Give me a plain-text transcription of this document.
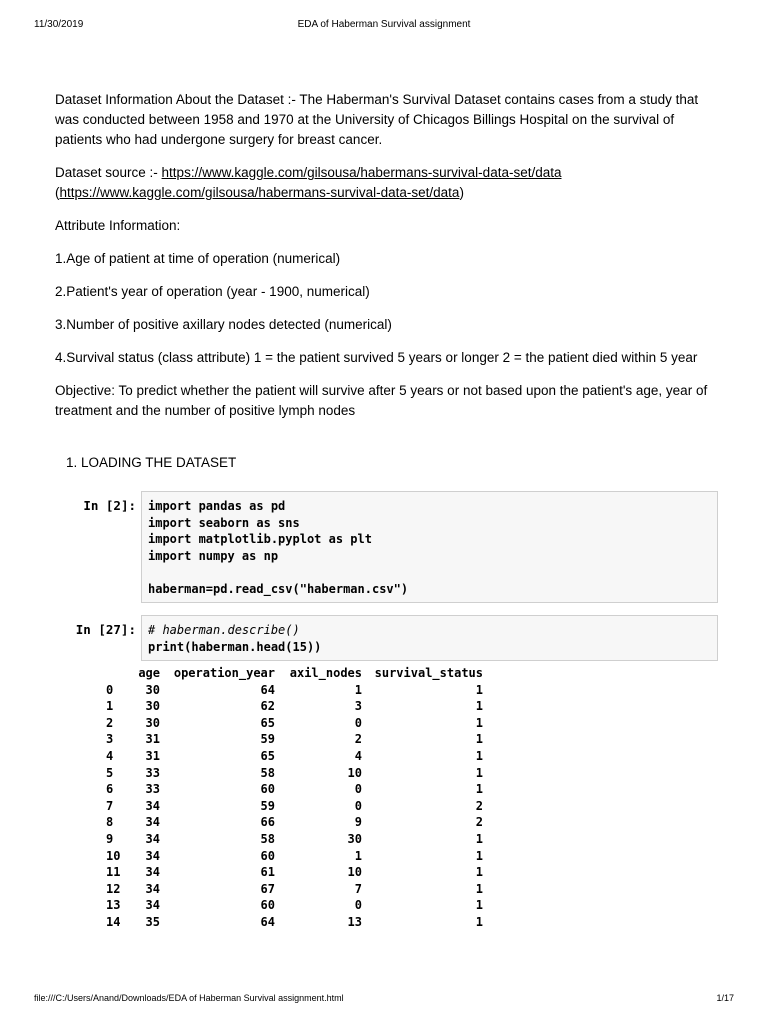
11/30/2019	EDA of Haberman Survival assignment

Dataset Information About the Dataset :- The Haberman's Survival Dataset contains cases from a study that was conducted between 1958 and 1970 at the University of Chicagos Billings Hospital on the survival of patients who had undergone surgery for breast cancer.

Dataset source :- https://www.kaggle.com/gilsousa/habermans-survival-data-set/data
(https://www.kaggle.com/gilsousa/habermans-survival-data-set/data)

Attribute Information:

1.Age of patient at time of operation (numerical)

2.Patient's year of operation (year - 1900, numerical)

3.Number of positive axillary nodes detected (numerical)

4.Survival status (class attribute) 1 = the patient survived 5 years or longer 2 = the patient died within 5 year

Objective: To predict whether the patient will survive after 5 years or not based upon the patient's age, year of treatment and the number of positive lymph nodes

1. LOADING THE DATASET
In [2]:	import pandas as pd
import seaborn as sns
import matplotlib.pyplot as plt
import numpy as np

haberman=pd.read_csv("haberman.csv")
In [27]:	# haberman.describe()
print(haberman.head(15))
	age	operation_year	axil_nodes	survival_status
0	30	64	1	1
1	30	62	3	1
2	30	65	0	1
3	31	59	2	1
4	31	65	4	1
5	33	58	10	1
6	33	60	0	1
7	34	59	0	2
8	34	66	9	2
9	34	58	30	1
10	34	60	1	1
11	34	61	10	1
12	34	67	7	1
13	34	60	0	1
14	35	64	13	1
file:///C:/Users/Anand/Downloads/EDA of Haberman Survival assignment.html	1/17
